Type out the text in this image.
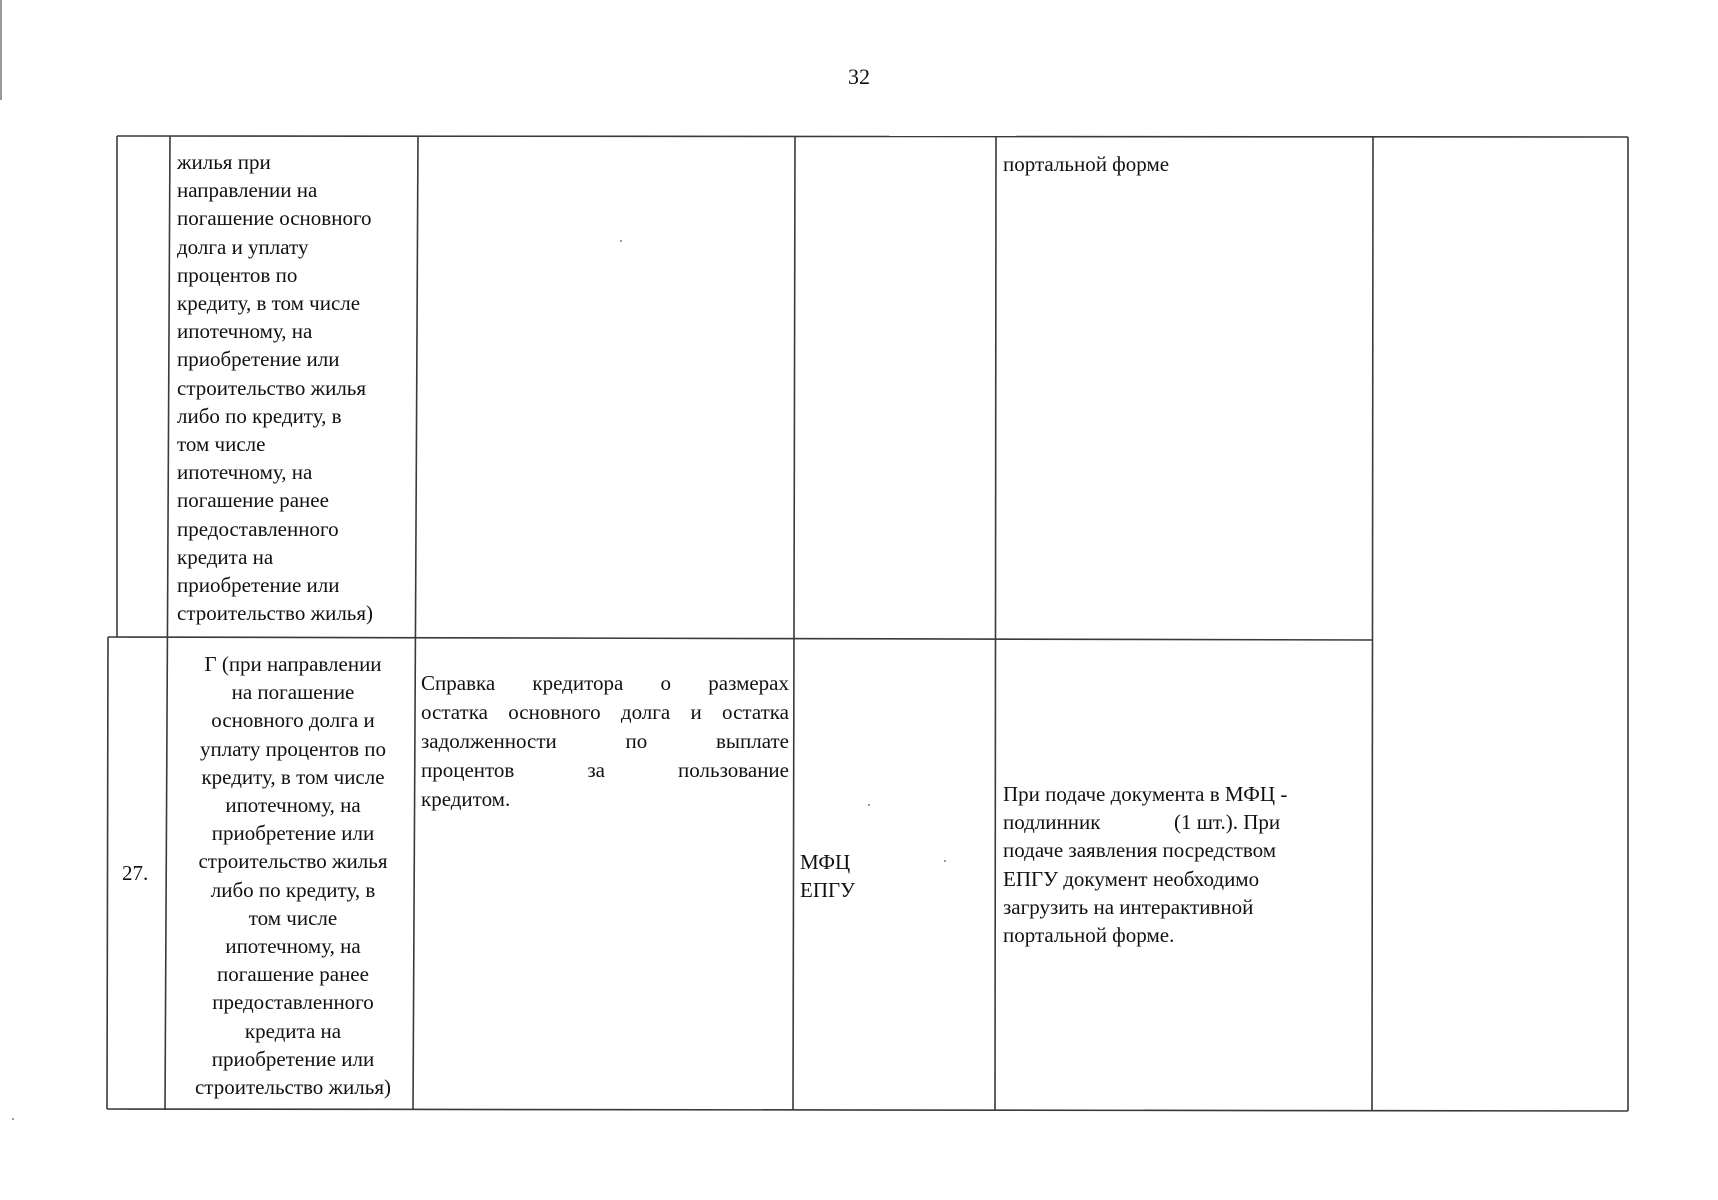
32
жилья при
направлении на
погашение основного
долга и уплату
процентов по
кредиту, в том числе
ипотечному, на
приобретение или
строительство жилья
либо по кредиту, в
том числе
ипотечному, на
погашение ранее
предоставленного
кредита на
приобретение или
строительство жилья)
портальной форме
27.
Г (при направлении
на погашение
основного долга и
уплату процентов по
кредиту, в том числе
ипотечному, на
приобретение или
строительство жилья
либо по кредиту, в
том числе
ипотечному, на
погашение ранее
предоставленного
кредита на
приобретение или
строительство жилья)
Справка кредитора о размерах
остатка основного долга и остатка
задолженности по выплате
процентов за пользование
кредитом.
МФЦ
ЕПГУ
При подаче документа в МФЦ -
подлинник              (1 шт.). При
подаче заявления посредством
ЕПГУ документ необходимо
загрузить на интерактивной
портальной форме.
